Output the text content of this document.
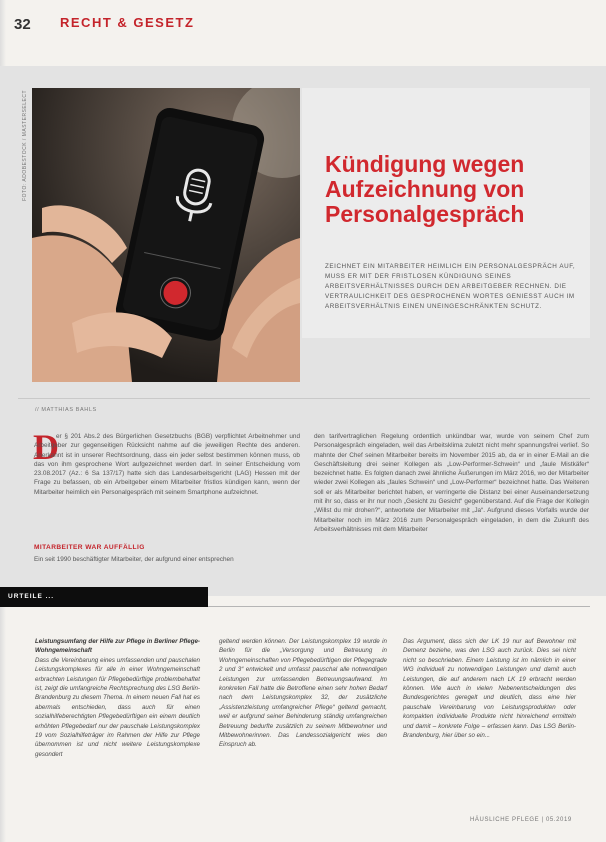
32 RECHT & GESETZ
FOTO: ADOBESTOCK / MASTERSELECT	Kündigung wegen
Aufzeichnung von
Personalgespräch
ZEICHNET EIN MITARBEITER HEIMLICH EIN PERSONALGESPRÄCH AUF, MUSS ER MIT DER FRISTLOSEN KÜNDIGUNG SEINES ARBEITSVERHÄLTNISSES DURCH DEN ARBEITGEBER RECHNEN. DIE VERTRAULICHKEIT DES GESPROCHENEN WORTES GENIESST AUCH IM ARBEITSVERHÄLTNIS EINEN UNEINGESCHRÄNKTEN SCHUTZ.
// MATTHIAS BAHLS
D
er § 201 Abs.2 des Bürgerlichen Gesetzbuchs (BGB) verpflichtet Arbeitnehmer und Arbeitgeber zur gegenseitigen Rücksicht nahme auf die jeweiligen Rechte des anderen. Anerkannt ist in unserer Rechtsordnung, dass ein jeder selbst bestimmen können muss, ob das von ihm gesprochene Wort aufgezeichnet werden darf. In seiner Entscheidung vom 23.08.2017 (Az.: 6 Sa 137/17) hatte sich das Landesarbeitsgericht (LAG) Hessen mit der Frage zu befassen, ob ein Arbeitgeber einem Mitarbeiter fristlos kündigen kann, wenn der Mitarbeiter heimlich ein Personalgespräch mit seinem Smartphone aufzeichnet.
MITARBEITER WAR AUFFÄLLIG
Ein seit 1990 beschäftigter Mitarbeiter, der aufgrund einer entsprechen
den tarifvertraglichen Regelung ordentlich unkündbar war, wurde von seinem Chef zum Personalgespräch eingeladen, weil das Arbeitsklima zuletzt nicht mehr spannungsfrei verlief. So mahnte der Chef seinen Mitarbeiter bereits im November 2015 ab, da er in einer E-Mail an die Geschäftsleitung drei seiner Kollegen als „Low-Performer-Schwein“ und „faule Mistkäfer“ bezeichnet hatte. Es folgten danach zwei ähnliche Äußerungen im März 2016, wo der Mitarbeiter wieder zwei Kollegen als „faules Schwein“ und „Low-Performer“ bezeichnet hatte. Das Weiteren soll er als Mitarbeiter berichtet haben, er verringerte die Distanz bei einer Auseinandersetzung mit ihr so, dass er ihr nur noch „Gesicht zu Gesicht“ gegenüberstand. Auf die Frage der Kollegin „Willst du mir drohen?“, antwortete der Mitarbeiter mit „Ja“. Aufgrund dieses Vorfalls wurde der Mitarbeiter noch im März 2016 zum Personalgespräch eingeladen, in dem die Zukunft des Arbeitsverhältnisses mit dem Mitarbeiter
URTEILE ...
Leistungsumfang der Hilfe zur Pflege in Berliner Pflege-Wohngemeinschaft
Dass die Vereinbarung eines umfassenden und pauschalen Leistungskomplexes für alle in einer Wohngemeinschaft erbrachten Leistungen für Pflegebedürftige problembehaftet ist, zeigt die umfangreiche Rechtsprechung des LSG Berlin-Brandenburg zu diesem Thema. In einem neuen Fall hat es abermals entschieden, dass auch für einen sozialhilfeberechtigten Pflegebedürftigen ein einem deutlich erhöhten Pflegebedarf nur der pauschale Leistungskomplex 19 vom Sozialhilfeträger im Rahmen der Hilfe zur Pflege übernommen ist und nicht weitere Leistungskomplexe gesondert
geltend werden können. Der Leistungskomplex 19 wurde in Berlin für die „Versorgung und Betreuung in Wohngemeinschaften von Pflegebedürftigen der Pflegegrade 2 und 3“ entwickelt und umfasst pauschal alle notwendigen Leistungen zur umfassenden Betreuungsaufwand. Im konkreten Fall hatte die Betroffene einen sehr hohen Bedarf nach dem Leistungskomplex 32, der zusätzliche „Assistenzleistung umfangreicher Pflege“ geltend gemacht, weil er aufgrund seiner Behinderung ständig umfangreichen Betreuung bedurfte zusätzlich zu seinem Mitbewohner und Mitbewohnerinnen. Das Landessozialgericht wies den Einspruch ab.
Das Argument, dass sich der LK 19 nur auf Bewohner mit Demenz beziehe, was den LSG auch zurück. Dies sei nicht nicht so beschrieben. Einem Leistung ist im nämlich in einer WG individuell zu notwendigen Leistungen und damit auch Leistungen, die auf anderem nach LK 19 erbracht werden können. Wie auch in vielen Nebenentscheidungen des Bundesgerichtes geregelt und deutlich, dass eine hier pauschale Vereinbarung von Leistungsprodukten oder kompakten individuelle Produkte nicht hinreichend ermitteln und damit – konkrete Folge – erfassen kann. Das LSG Berlin-Brandenburg, hier über so ein...
HÄUSLICHE PFLEGE | 05.2019
